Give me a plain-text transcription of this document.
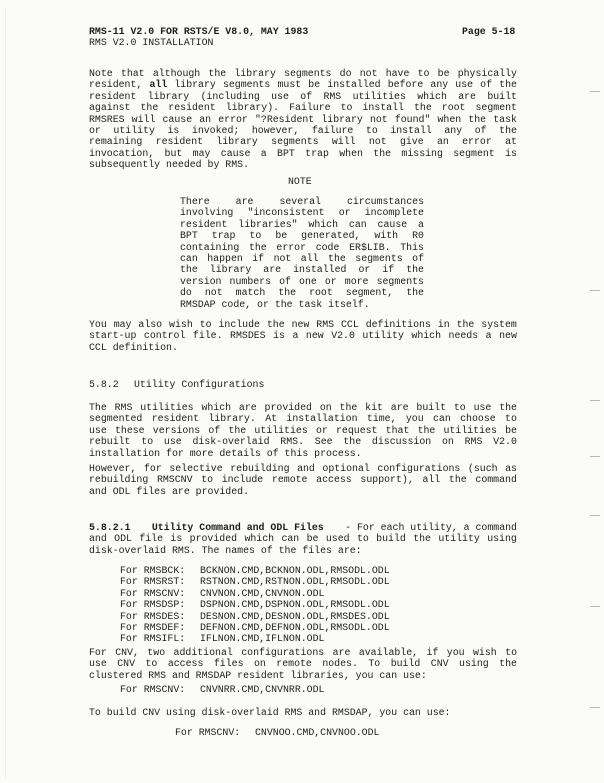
RMS-11 V2.0 FOR RSTS/E V8.0, MAY 1983
RMS V2.0 INSTALLATION
Page 5-18
Note that although the library segments do not have to be physically
resident, all library segments must be installed before any use of the
resident library (including use of RMS utilities which are built
against the resident library). Failure to install the root segment
RMSRES will cause an error "?Resident library not found" when the task
or utility is invoked; however, failure to install any of the
remaining resident library segments will not give an error at
invocation, but may cause a BPT trap when the missing segment is
subsequently needed by RMS.
NOTE
There	are	several	circumstances
involving "inconsistent or incomplete
resident libraries" which can cause a
BPT trap to be generated, with R0
containing the error code ER$LIB. This
can happen if not all the segments of
the library are installed or if the
version numbers of one or more segments
do not match the root segment, the
RMSDAP code, or the task itself.
You may also wish to include the new RMS CCL definitions in the system
start-up control file. RMSDES is a new V2.0 utility which needs a new
CCL definition.
5.8.2 Utility Configurations
The RMS utilities which are provided on the kit are built to use the
segmented resident library. At installation time, you can choose to
use these versions of the utilities or request that the utilities be
rebuilt to use disk-overlaid RMS. See the discussion on RMS V2.0
installation for more details of this process.
However, for selective rebuilding and optional configurations (such as
rebuilding RMSCNV to include remote access support), all the command
and ODL files are provided.
5.8.2.1 Utility Command and ODL Files - For each utility, a command
and ODL file is provided which can be used to build the utility using
disk-overlaid RMS. The names of the files are:
For RMSBCK:	BCKNON.CMD,BCKNON.ODL,RMSODL.ODL
For RMSRST:	RSTNON.CMD,RSTNON.ODL,RMSODL.ODL
For RMSCNV:	CNVNON.CMD,CNVNON.ODL
For RMSDSP:	DSPNON.CMD,DSPNON.ODL,RMSODL.ODL
For RMSDES:	DESNON.CMD,DESNON.ODL,RMSDES.ODL
For RMSDEF:	DEFNON.CMD,DEFNON.ODL,RMSODL.ODL
For RMSIFL:	IFLNON.CMD,IFLNON.ODL
For CNV, two additional configurations are available, if you wish to
use CNV to access files on remote nodes. To build CNV using the
clustered RMS and RMSDAP resident libraries, you can use:
For RMSCNV:	CNVNRR.CMD,CNVNRR.ODL
To build CNV using disk-overlaid RMS and RMSDAP, you can use:
For RMSCNV:	CNVNOO.CMD,CNVNOO.ODL
